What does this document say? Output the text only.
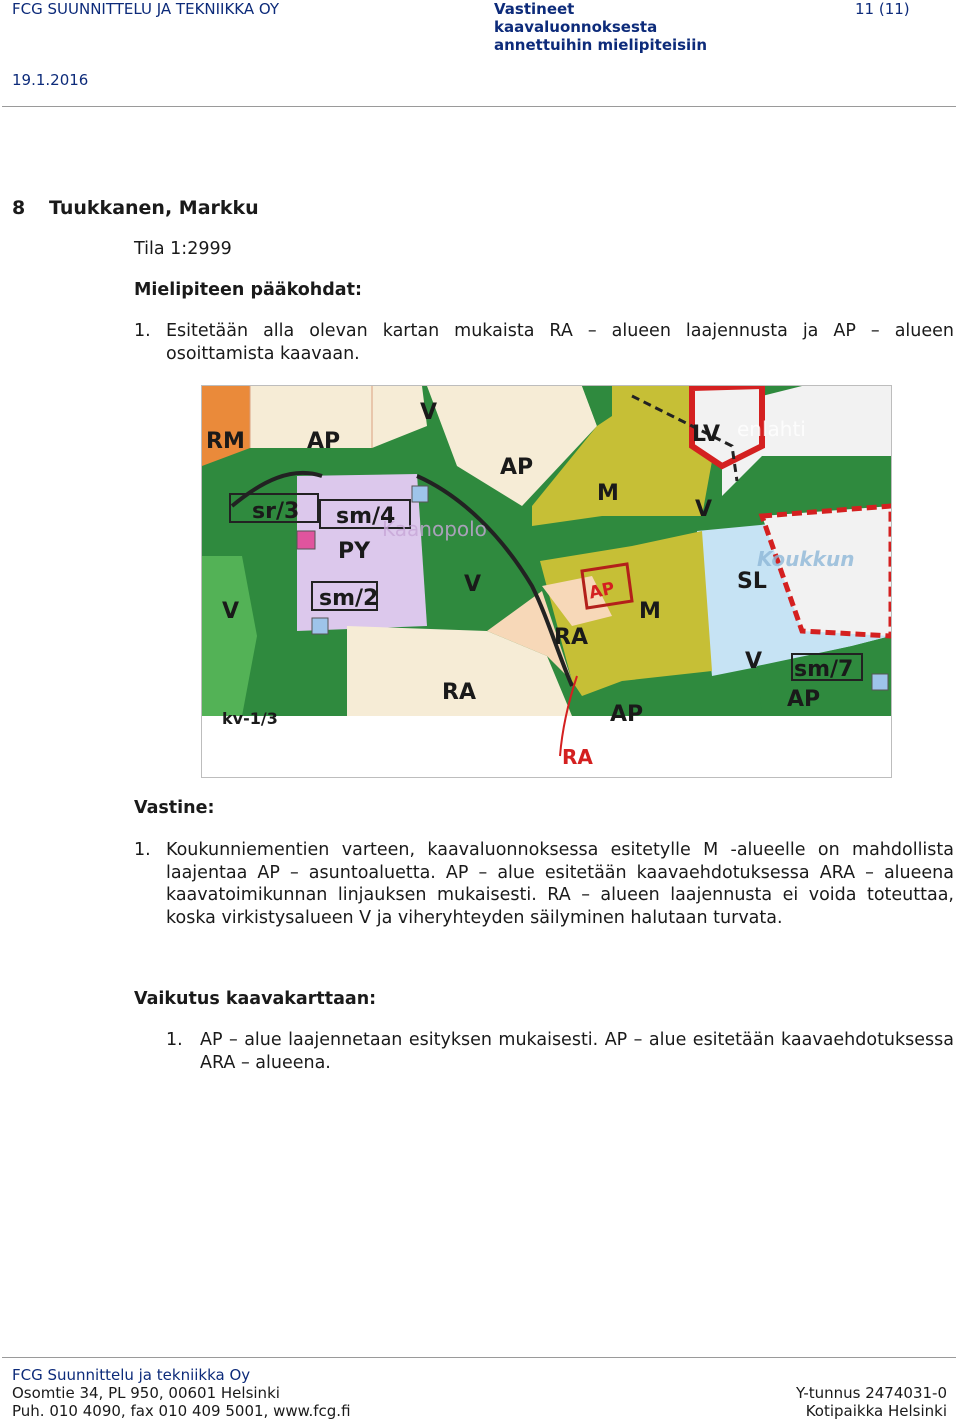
FCG SUUNNITTELU JA TEKNIIKKA OY	Vastineet
kaavaluonnoksesta
annettuihin mielipiteisiin
11 (11)
19.1.2016
8 Tuukkanen, Markku
Tila 1:2999
Mielipiteen pääkohdat:
1. Esitetään alla olevan kartan mukaista RA – alueen laajennusta ja AP – alueen osoittamista kaavaan.
RM	AP
V
AP
LV
M
V
sr/3 sm/4
PY
sm/2
V
V	SL
M
RA
RA
V sm/7
AP
AP
kv-1/3
enlahti
Koukkun
Kaanopolo
AP
RA
Vastine:
1. Koukunniementien varteen, kaavaluonnoksessa esitetylle M -alueelle on mahdollista laajentaa AP – asuntoaluetta. AP – alue esitetään kaavaehdotuksessa ARA – alueena kaavatoimikunnan linjauksen mukaisesti. RA – alueen laajennusta ei voida toteuttaa, koska virkistysalueen V ja viheryhteyden säilyminen halutaan turvata.
Vaikutus kaavakarttaan:
1. AP – alue laajennetaan esityksen mukaisesti. AP – alue esitetään kaavaehdotuksessa ARA – alueena.
FCG Suunnittelu ja tekniikka Oy
Osomtie 34, PL 950, 00601 Helsinki
Puh. 010 4090, fax 010 409 5001, www.fcg.fi
Y-tunnus 2474031-0
Kotipaikka Helsinki
